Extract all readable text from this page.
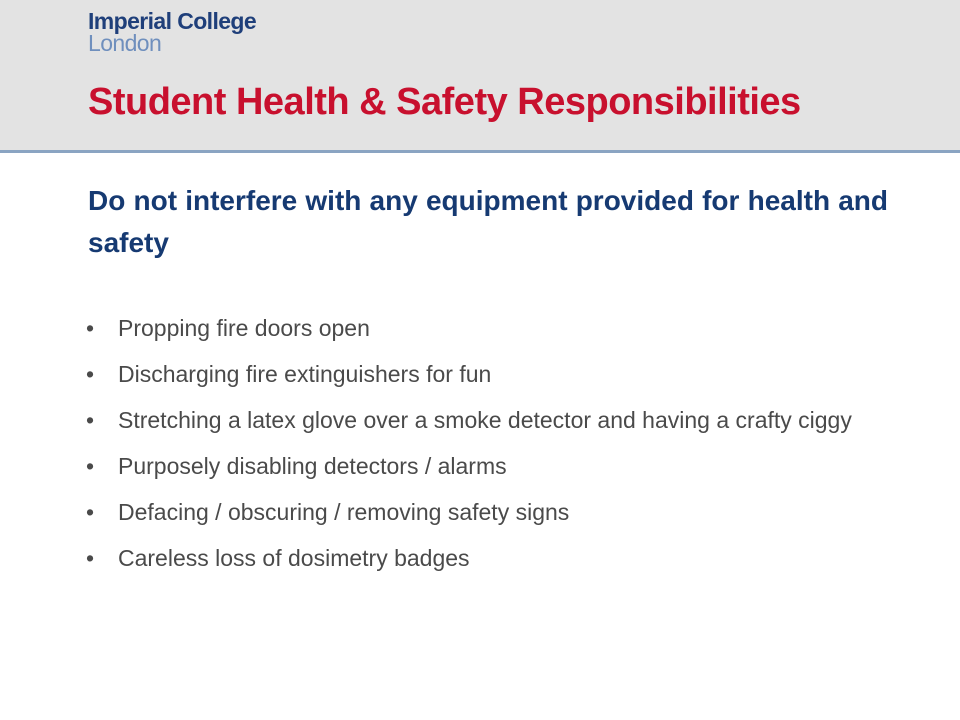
Imperial College
London
Student Health & Safety Responsibilities

Do not interfere with any equipment provided for health and safety

• Propping fire doors open
• Discharging fire extinguishers for fun
• Stretching a latex glove over a smoke detector and having a crafty ciggy
• Purposely disabling detectors / alarms
• Defacing / obscuring / removing safety signs
• Careless loss of dosimetry badges
